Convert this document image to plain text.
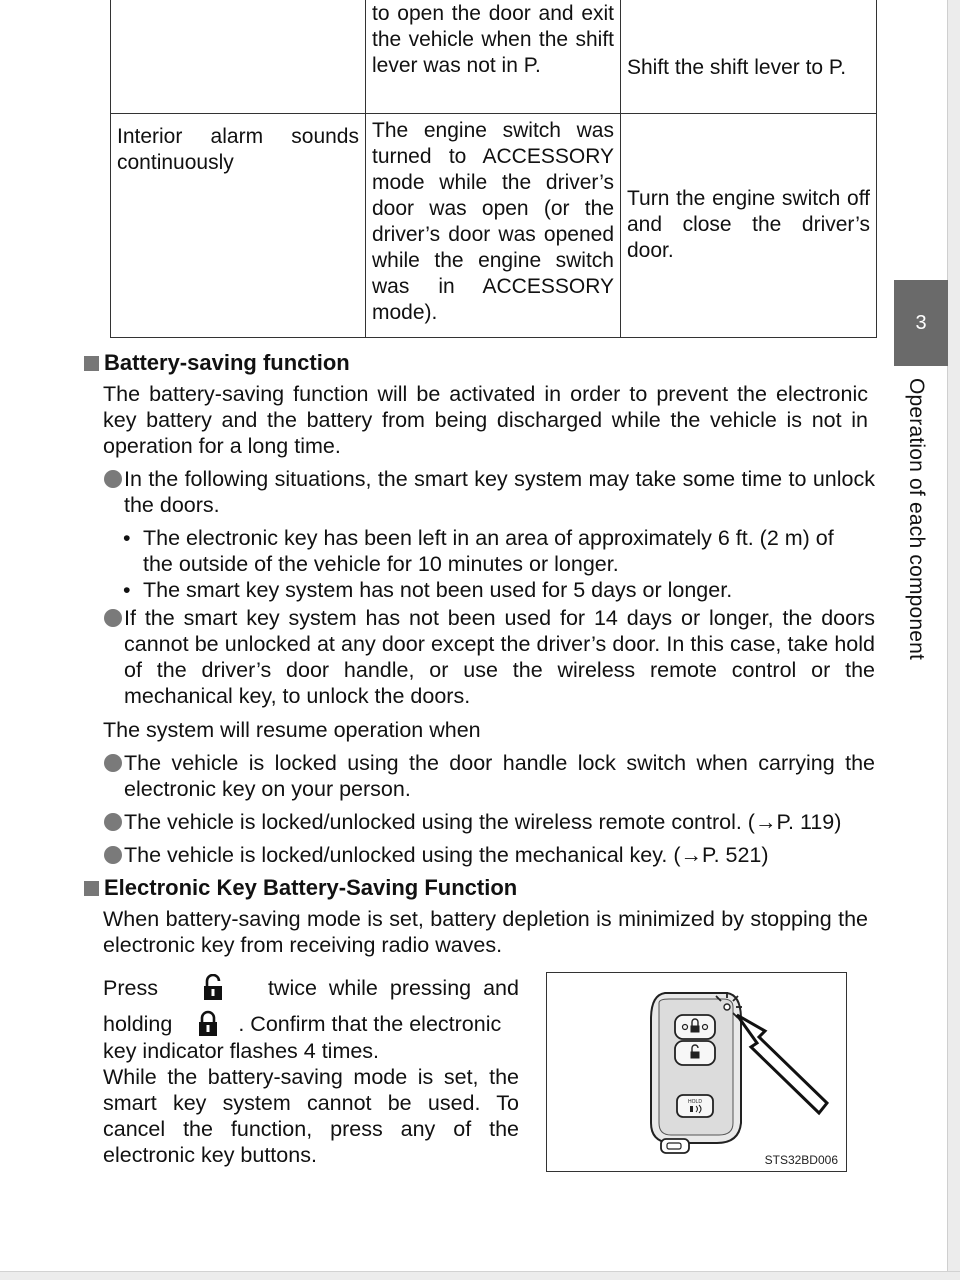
	to open the door and exit the vehicle when the shift lever was not in P.	Shift the shift lever to P.
Interior alarm sounds continuously	The engine switch was turned to ACCESSORY mode while the driver’s door was open (or the driver’s door was opened while the engine switch was in ACCESSORY mode).	Turn the engine switch off and close the driver’s door.
3
Operation of each component
Battery-saving function
The battery-saving function will be activated in order to prevent the electronic key battery and the battery from being discharged while the vehicle is not in operation for a long time.
In the following situations, the smart key system may take some time to unlock the doors.
• The electronic key has been left in an area of approximately 6 ft. (2 m) of the outside of the vehicle for 10 minutes or longer.
• The smart key system has not been used for 5 days or longer.
If the smart key system has not been used for 14 days or longer, the doors cannot be unlocked at any door except the driver’s door. In this case, take hold of the driver’s door handle, or use the wireless remote control or the mechanical key, to unlock the doors.
The system will resume operation when
The vehicle is locked using the door handle lock switch when carrying the electronic key on your person.
The vehicle is locked/unlocked using the wireless remote control. (→P. 119)
The vehicle is locked/unlocked using the mechanical key. (→P. 521)
Electronic Key Battery-Saving Function
When battery-saving mode is set, battery depletion is minimized by stopping the electronic key from receiving radio waves.
Press	twice while pressing and
holding	. Confirm that the electronic
key indicator flashes 4 times.
While the battery-saving mode is set, the smart key system cannot be used. To cancel the function, press any of the electronic key buttons.
HOLD
STS32BD006
